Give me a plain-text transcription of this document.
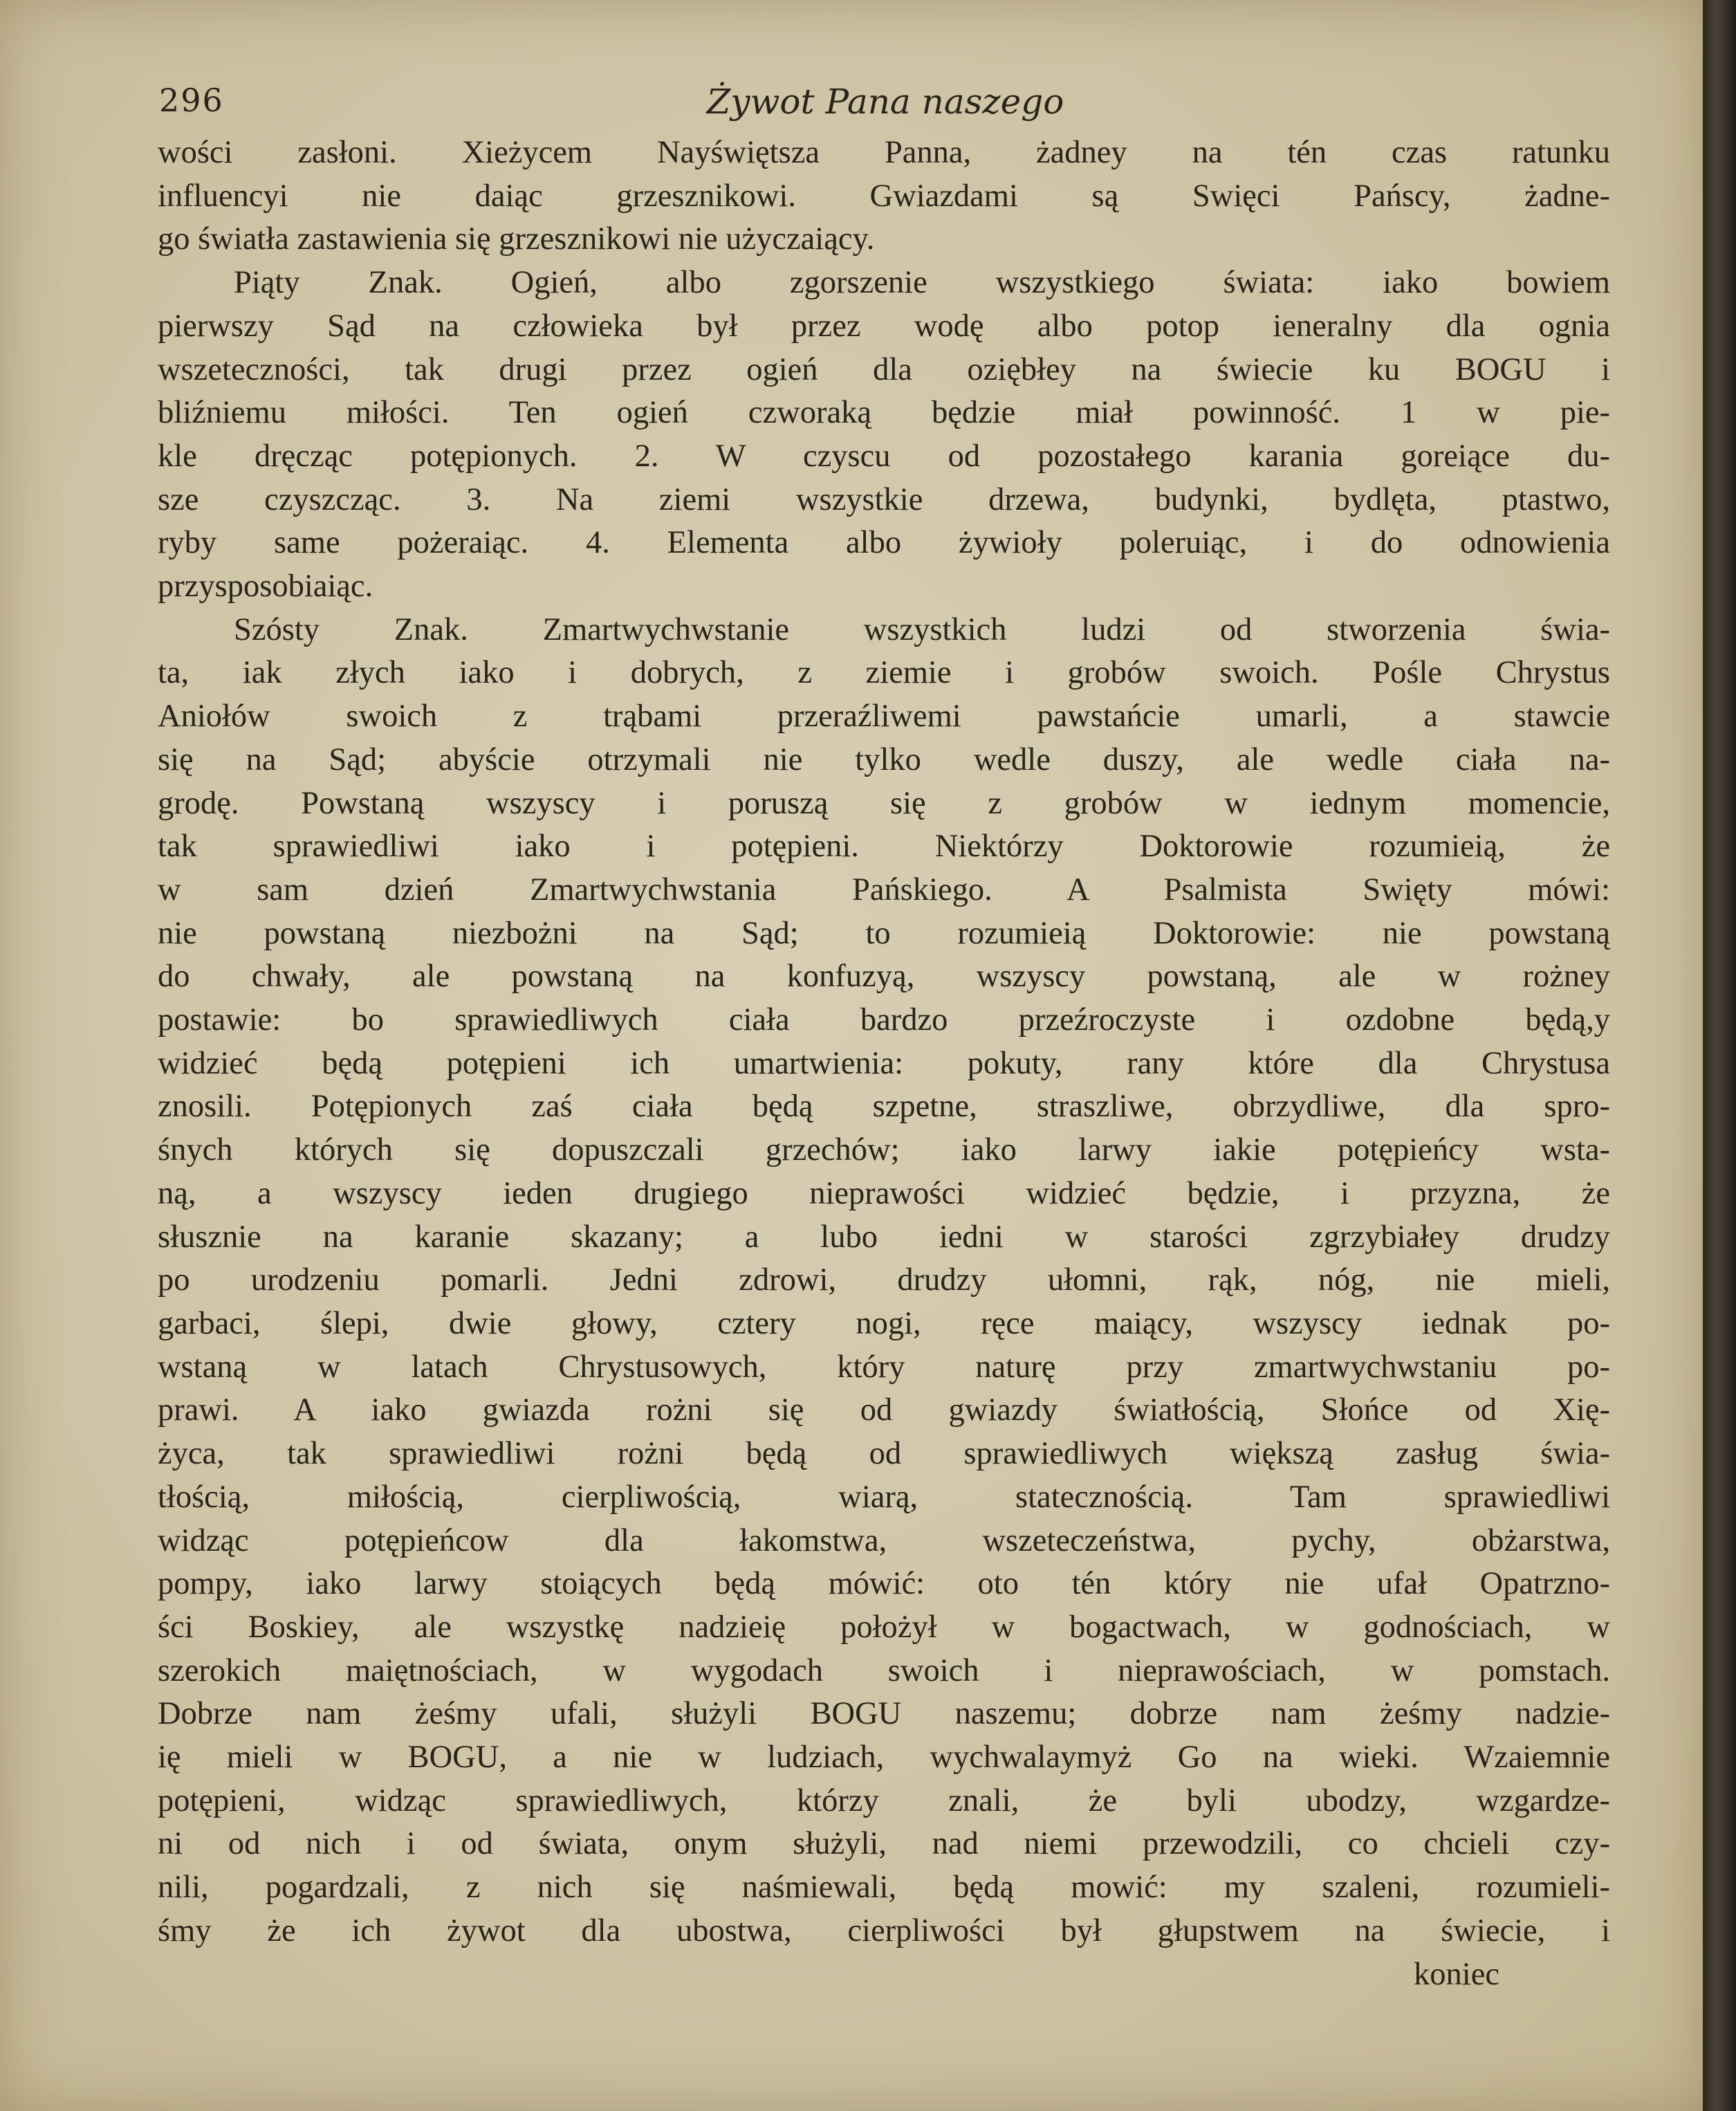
296	Żywot Pana naszego
wości zasłoni. Xieżycem Nayświętsza Panna, żadney na tén czas ratunku
influencyi nie daiąc grzesznikowi. Gwiazdami są Swięci Pańscy, żadne-
go światła zastawienia się grzesznikowi nie użyczaiący.
Piąty Znak. Ogień, albo zgorszenie wszystkiego świata: iako bowiem
pierwszy Sąd na człowieka był przez wodę albo potop ieneralny dla ognia
wszeteczności, tak drugi przez ogień dla oziębłey na świecie ku BOGU i
bliźniemu miłości. Ten ogień czworaką będzie miał powinność. 1 w pie-
kle dręcząc potępionych. 2. W czyscu od pozostałego karania goreiące du-
sze czyszcząc. 3. Na ziemi wszystkie drzewa, budynki, bydlęta, ptastwo,
ryby same pożeraiąc. 4. Elementa albo żywioły poleruiąc, i do odnowienia
przysposobiaiąc.
Szósty Znak. Zmartwychwstanie wszystkich ludzi od stworzenia świa-
ta, iak złych iako i dobrych, z ziemie i grobów swoich. Pośle Chrystus
Aniołów swoich z trąbami przeraźliwemi pawstańcie umarli, a stawcie
się na Sąd; abyście otrzymali nie tylko wedle duszy, ale wedle ciała na-
grodę. Powstaną wszyscy i poruszą się z grobów w iednym momencie,
tak sprawiedliwi iako i potępieni. Niektórzy Doktorowie rozumieią, że
w sam dzień Zmartwychwstania Pańskiego. A Psalmista Swięty mówi:
nie powstaną niezbożni na Sąd; to rozumieią Doktorowie: nie powstaną
do chwały, ale powstaną na konfuzyą, wszyscy powstaną, ale w rożney
postawie: bo sprawiedliwych ciała bardzo przeźroczyste i ozdobne będą,y
widzieć będą potępieni ich umartwienia: pokuty, rany które dla Chrystusa
znosili. Potępionych zaś ciała będą szpetne, straszliwe, obrzydliwe, dla spro-
śnych których się dopuszczali grzechów; iako larwy iakie potępieńcy wsta-
ną, a wszyscy ieden drugiego nieprawości widzieć będzie, i przyzna, że
słusznie na karanie skazany; a lubo iedni w starości zgrzybiałey drudzy
po urodzeniu pomarli. Jedni zdrowi, drudzy ułomni, rąk, nóg, nie mieli,
garbaci, ślepi, dwie głowy, cztery nogi, ręce maiący, wszyscy iednak po-
wstaną w latach Chrystusowych, który naturę przy zmartwychwstaniu po-
prawi. A iako gwiazda rożni się od gwiazdy światłością, Słońce od Xię-
życa, tak sprawiedliwi rożni będą od sprawiedliwych większą zasług świa-
tłością, miłością, cierpliwością, wiarą, statecznością. Tam sprawiedliwi
widząc potępieńcow dla łakomstwa, wszeteczeństwa, pychy, obżarstwa,
pompy, iako larwy stoiących będą mówić: oto tén który nie ufał Opatrzno-
ści Boskiey, ale wszystkę nadzieię położył w bogactwach, w godnościach, w
szerokich maiętnościach, w wygodach swoich i nieprawościach, w pomstach.
Dobrze nam żeśmy ufali, służyli BOGU naszemu; dobrze nam żeśmy nadzie-
ię mieli w BOGU, a nie w ludziach, wychwalaymyż Go na wieki. Wzaiemnie
potępieni, widząc sprawiedliwych, którzy znali, że byli ubodzy, wzgardze-
ni od nich i od świata, onym służyli, nad niemi przewodzili, co chcieli czy-
nili, pogardzali, z nich się naśmiewali, będą mowić: my szaleni, rozumieli-
śmy że ich żywot dla ubostwa, cierpliwości był głupstwem na świecie, i
koniec
